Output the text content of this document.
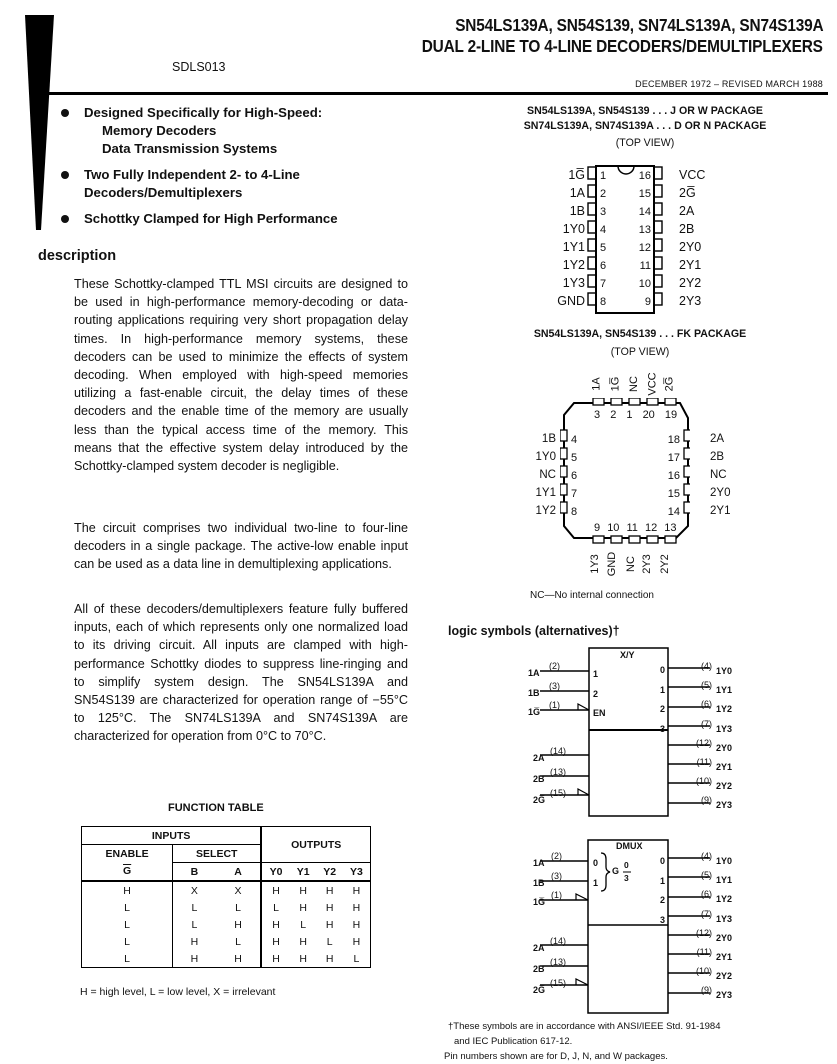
SN54LS139A, SN54S139, SN74LS139A, SN74S139A
DUAL 2-LINE TO 4-LINE DECODERS/DEMULTIPLEXERS
SDLS013
DECEMBER 1972 – REVISED MARCH 1988
Designed Specifically for High-Speed:
Memory Decoders
Data Transmission Systems
Two Fully Independent 2- to 4-Line Decoders/Demultiplexers
Schottky Clamped for High Performance
description
These Schottky-clamped TTL MSI circuits are designed to be used in high-performance memory-decoding or data-routing applications requiring very short propagation delay times. In high-performance memory systems, these decoders can be used to minimize the effects of system decoding. When employed with high-speed memories utilizing a fast-enable circuit, the delay times of these decoders and the enable time of the memory are usually less than the typical access time of the memory. This means that the effective system delay introduced by the Schottky-clamped system decoder is negligible.
The circuit comprises two individual two-line to four-line decoders in a single package. The active-low enable input can be used as a data line in demultiplexing applications.
All of these decoders/demultiplexers feature fully buffered inputs, each of which represents only one normalized load to its driving circuit. All inputs are clamped with high-performance Schottky diodes to suppress line-ringing and to simplify system design. The SN54LS139A and SN54S139 are characterized for operation range of −55°C to 125°C. The SN74LS139A and SN74S139A are characterized for operation from 0°C to 70°C.
FUNCTION TABLE
INPUTS			OUTPUTS			
ENABLE	SELECT					
$\overline{G}$	B	A	Y0	Y1	Y2	Y3
H	X	X	H	H	H	H
L	L	L	L	H	H	H
L	L	H	H	L	H	H
L	H	L	H	H	L	H
L	H	H	H	H	H	L
H = high level, L = low level, X = irrelevant
SN54LS139A, SN54S139 . . . J OR W PACKAGE
SN74LS139A, SN74S139A . . . D OR N PACKAGE
(TOP VIEW)
1G̅
1A
1B
1Y0
1Y1
1Y2
1Y3
GND
1
2
3
4
5
6
7
8
16
15
14
13
12
11
10
9
VCC
2G̅
2A
2B
2Y0
2Y1
2Y2
2Y3
SN54LS139A, SN54S139 . . . FK PACKAGE
(TOP VIEW)
1A 1G̅ NC VCC 2G̅
3 2 1 20 19
1B
1Y0
NC
1Y1
1Y2
4
5
6
7
8
18
17
16
15
14
2A
2B
NC
2Y0
2Y1
9 10 11 12 13
1Y3 GND NC 2Y3 2Y2
NC—No internal connection
logic symbols (alternatives)†
X/Y
1
2
EN
0
1
2
3
1A
1B
1G̅
(2)
(3)
(1)
2A
2B
2G̅
(14)
(13)
(15)
(4)
(5)
(6)
(7)
(12)
(11)
(10)
(9)
1Y0
1Y1
1Y2
1Y3
2Y0
2Y1
2Y2
2Y3
DMUX
0
1
G
0
3
0
1
2
3
1A
1B
1G̅
(2)
(3)
(1)
2A
2B
2G̅
(14)
(13)
(15)
(4)
(5)
(6)
(7)
(12)
(11)
(10)
(9)
1Y0
1Y1
1Y2
1Y3
2Y0
2Y1
2Y2
2Y3
†These symbols are in accordance with ANSI/IEEE Std. 91-1984
and IEC Publication 617-12.
Pin numbers shown are for D, J, N, and W packages.
